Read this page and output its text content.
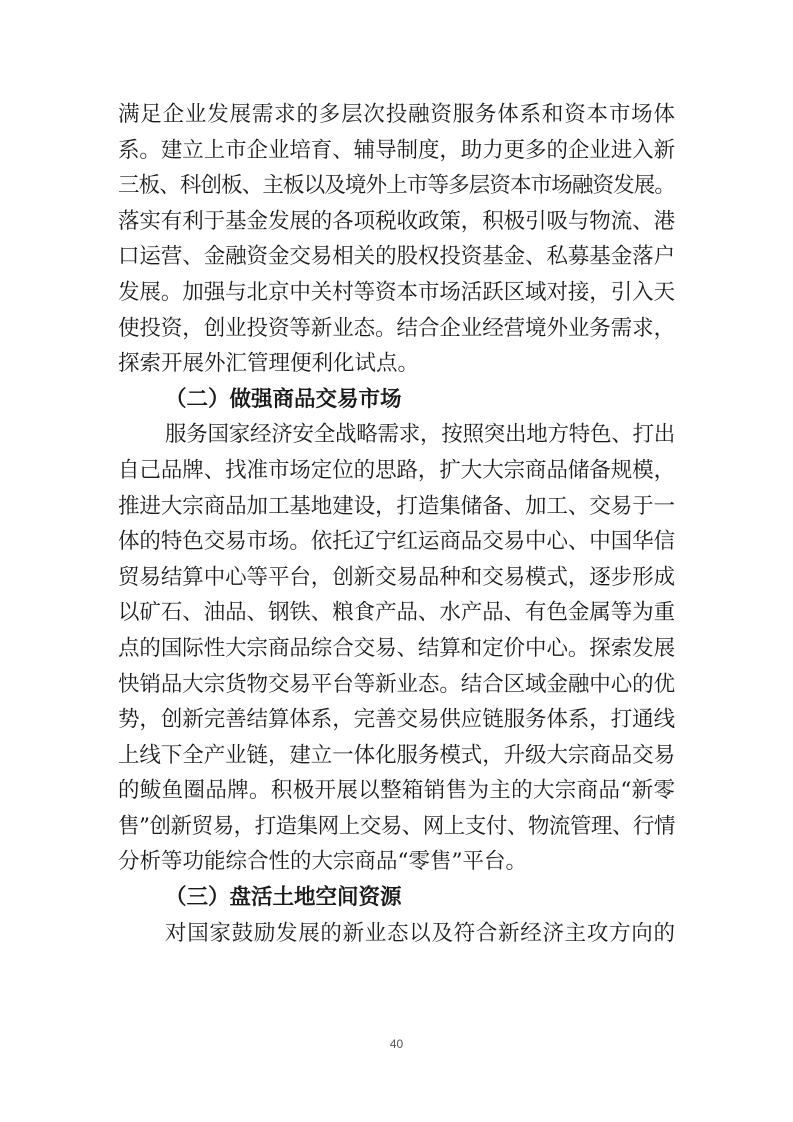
满足企业发展需求的多层次投融资服务体系和资本市场体
系。建立上市企业培育、辅导制度，助力更多的企业进入新
三板、科创板、主板以及境外上市等多层资本市场融资发展。
落实有利于基金发展的各项税收政策，积极引吸与物流、港
口运营、金融资金交易相关的股权投资基金、私募基金落户
发展。加强与北京中关村等资本市场活跃区域对接，引入天
使投资，创业投资等新业态。结合企业经营境外业务需求，
探索开展外汇管理便利化试点。
（二）做强商品交易市场
服务国家经济安全战略需求，按照突出地方特色、打出
自己品牌、找准市场定位的思路，扩大大宗商品储备规模，
推进大宗商品加工基地建设，打造集储备、加工、交易于一
体的特色交易市场。依托辽宁红运商品交易中心、中国华信
贸易结算中心等平台，创新交易品种和交易模式，逐步形成
以矿石、油品、钢铁、粮食产品、水产品、有色金属等为重
点的国际性大宗商品综合交易、结算和定价中心。探索发展
快销品大宗货物交易平台等新业态。结合区域金融中心的优
势，创新完善结算体系，完善交易供应链服务体系，打通线
上线下全产业链，建立一体化服务模式，升级大宗商品交易
的鲅鱼圈品牌。积极开展以整箱销售为主的大宗商品“新零
售”创新贸易，打造集网上交易、网上支付、物流管理、行情
分析等功能综合性的大宗商品“零售”平台。
（三）盘活土地空间资源
对国家鼓励发展的新业态以及符合新经济主攻方向的
40
